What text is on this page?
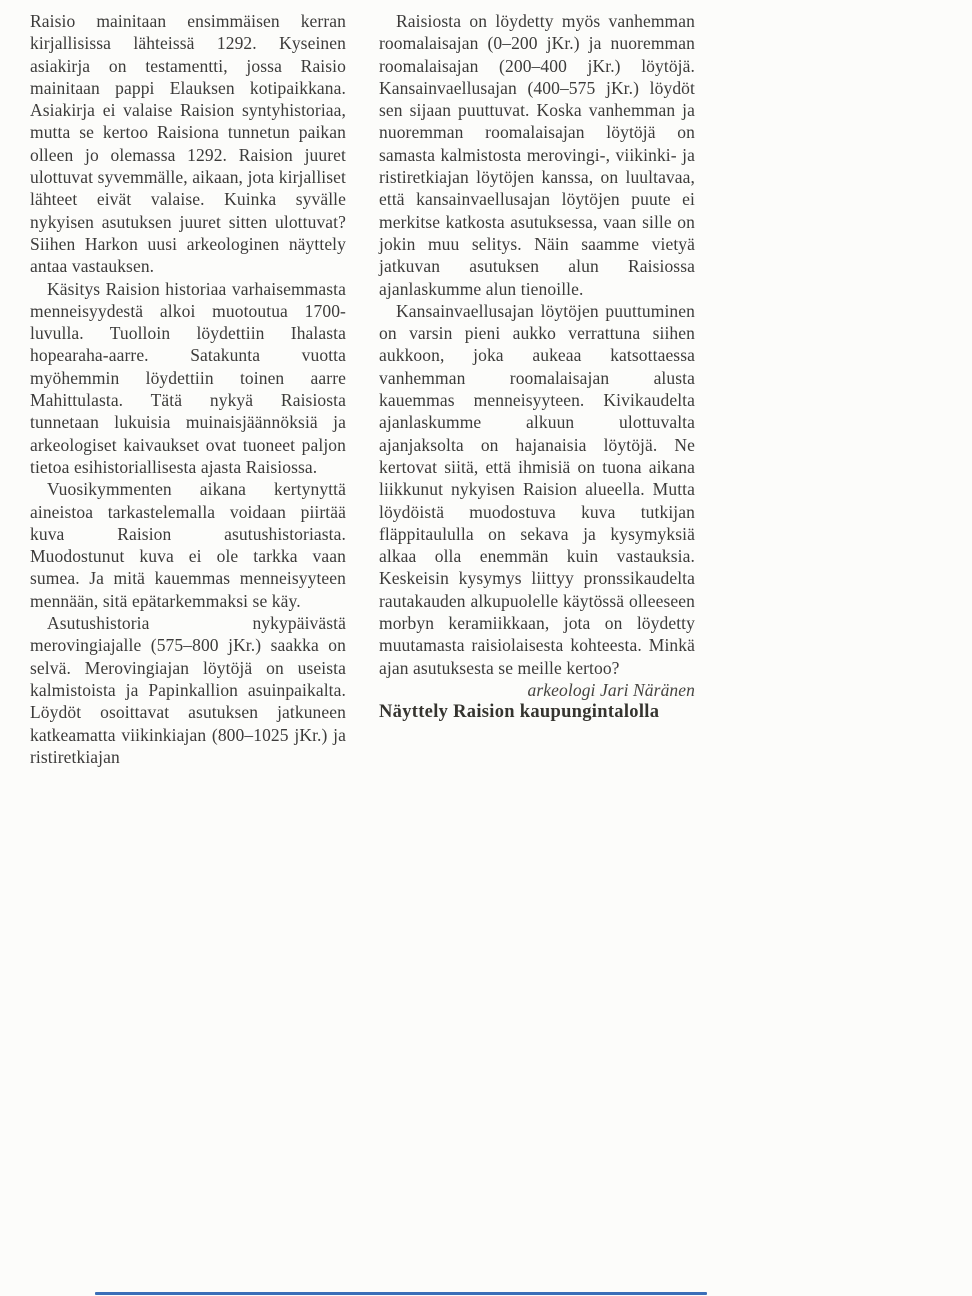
Raisio mainitaan ensimmäisen kerran kirjallisissa lähteissä 1292. Kyseinen asiakirja on testamentti, jossa Raisio mainitaan pappi Elauksen kotipaikkana. Asiakirja ei valaise Raision syntyhistoriaa, mutta se kertoo Raisiona tunnetun paikan olleen jo olemassa 1292. Raision juuret ulottuvat syvemmälle, aikaan, jota kirjalliset lähteet eivät valaise. Kuinka syvälle nykyisen asutuksen juuret sitten ulottuvat? Siihen Harkon uusi arkeologinen näyttely antaa vastauksen.

Käsitys Raision historiaa varhaisemmasta menneisyydestä alkoi muotoutua 1700-luvulla. Tuolloin löydettiin Ihalasta hopearaha-aarre. Satakunta vuotta myöhemmin löydettiin toinen aarre Mahittulasta. Tätä nykyä Raisiosta tunnetaan lukuisia muinaisjäännöksiä ja arkeologiset kaivaukset ovat tuoneet paljon tietoa esihistoriallisesta ajasta Raisiossa.

Vuosikymmenten aikana kertynyttä aineistoa tarkastelemalla voidaan piirtää kuva Raision asutushistoriasta. Muodostunut kuva ei ole tarkka vaan sumea. Ja mitä kauemmas menneisyyteen mennään, sitä epätarkemmaksi se käy.

Asutushistoria nykypäivästä merovingiajalle (575–800 jKr.) saakka on selvä. Merovingiajan löytöjä on useista kalmistoista ja Papinkallion asuinpaikalta. Löydöt osoittavat asutuksen jatkuneen katkeamatta viikinkiajan (800–1025 jKr.) ja ristiretkiajan

Raisiosta on löydetty myös vanhemman roomalaisajan (0–200 jKr.) ja nuoremman roomalaisajan (200–400 jKr.) löytöjä. Kansainvaellusajan (400–575 jKr.) löydöt sen sijaan puuttuvat. Koska vanhemman ja nuoremman roomalaisajan löytöjä on samasta kalmistosta merovingi-, viikinki- ja ristiretkiajan löytöjen kanssa, on luultavaa, että kansainvaellusajan löytöjen puute ei merkitse katkosta asutuksessa, vaan sille on jokin muu selitys. Näin saamme vietyä jatkuvan asutuksen alun Raisiossa ajanlaskumme alun tienoille.

Kansainvaellusajan löytöjen puuttuminen on varsin pieni aukko verrattuna siihen aukkoon, joka aukeaa katsottaessa vanhemman roomalaisajan alusta kauemmas menneisyyteen. Kivikaudelta ajanlaskumme alkuun ulottuvalta ajanjaksolta on hajanaisia löytöjä. Ne kertovat siitä, että ihmisiä on tuona aikana liikkunut nykyisen Raision alueella. Mutta löydöistä muodostuva kuva tutkijan fläppitaululla on sekava ja kysymyksiä alkaa olla enemmän kuin vastauksia. Keskeisin kysymys liittyy pronssikaudelta rautakauden alkupuolelle käytössä olleeseen morbyn keramiikkaan, jota on löydetty muutamasta raisiolaisesta kohteesta. Minkä ajan asutuksesta se meille kertoo?

arkeologi Jari Näränen

Näyttely Raision kaupungintalolla
